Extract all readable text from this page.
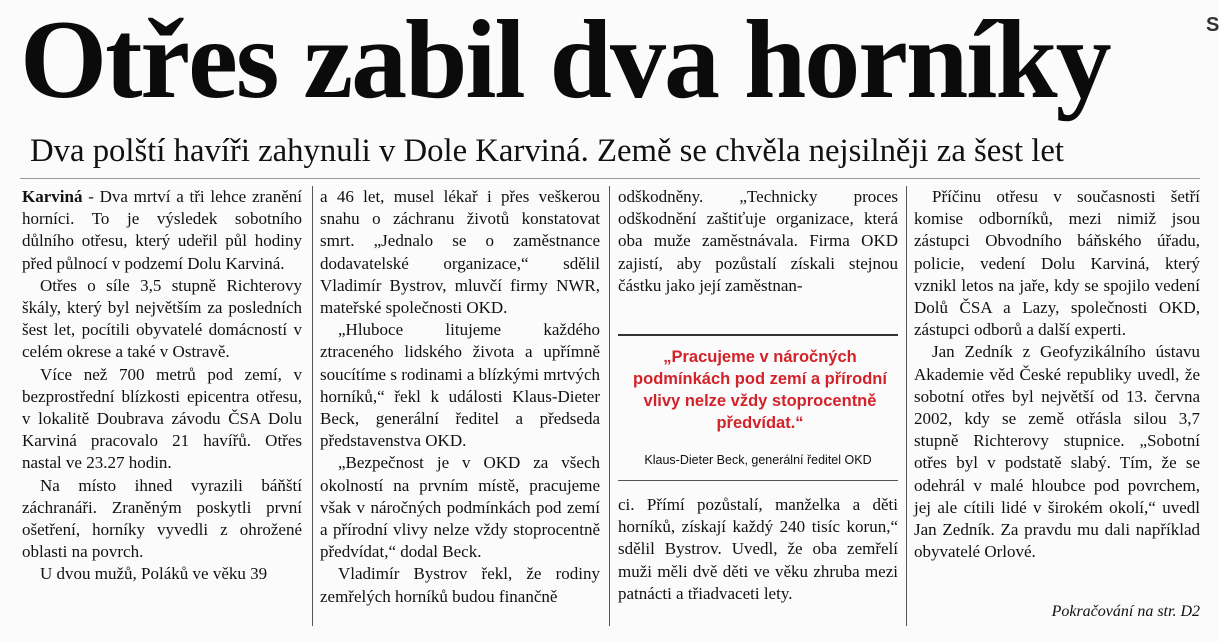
Otřes zabil dva horníky	S
Dva polští havíři zahynuli v Dole Karviná. Země se chvěla nejsilněji za šest let

Karviná - Dva mrtví a tři lehce zranění horníci. To je výsledek sobotního důlního otřesu, který udeřil půl hodiny před půlnocí v podzemí Dolu Karviná.

Otřes o síle 3,5 stupně Richterovy škály, který byl největším za posledních šest let, pocítili obyvatelé domácností v celém okrese a také v Ostravě.

Více než 700 metrů pod zemí, v bezprostřední blízkosti epicentra otřesu, v lokalitě Doubrava závodu ČSA Dolu Karviná pracovalo 21 havířů. Otřes nastal ve 23.27 hodin.

Na místo ihned vyrazili báňští záchranáři. Zraněným poskytli první ošetření, horníky vyvedli z ohrožené oblasti na povrch.

U dvou mužů, Poláků ve věku 39

a 46 let, musel lékař i přes veškerou snahu o záchranu životů konstatovat smrt. „Jednalo se o zaměstnance dodavatelské organizace,“ sdělil Vladimír Bystrov, mluvčí firmy NWR, mateřské společnosti OKD.

„Hluboce litujeme každého ztraceného lidského života a upřímně soucítíme s rodinami a blízkými mrtvých horníků,“ řekl k události Klaus-Dieter Beck, generální ředitel a předseda představenstva OKD.

„Bezpečnost je v OKD za všech okolností na prvním místě, pracujeme však v náročných podmínkách pod zemí a přírodní vlivy nelze vždy stoprocentně předvídat,“ dodal Beck.

Vladimír Bystrov řekl, že rodiny zemřelých horníků budou finančně

odškodněny. „Technicky proces odškodnění zaštiťuje organizace, která oba muže zaměstnávala. Firma OKD zajistí, aby pozůstalí získali stejnou částku jako její zaměstnan-

„Pracujeme v náročných podmínkách pod zemí a přírodní vlivy nelze vždy stoprocentně předvídat.“
Klaus-Dieter Beck, generální ředitel OKD

ci. Přímí pozůstalí, manželka a děti horníků, získají každý 240 tisíc korun,“ sdělil Bystrov. Uvedl, že oba zemřelí muži měli dvě děti ve věku zhruba mezi patnácti a třiadvaceti lety.

Příčinu otřesu v současnosti šetří komise odborníků, mezi nimiž jsou zástupci Obvodního báňského úřadu, policie, vedení Dolu Karviná, který vznikl letos na jaře, kdy se spojilo vedení Dolů ČSA a Lazy, společnosti OKD, zástupci odborů a další experti.

Jan Zedník z Geofyzikálního ústavu Akademie věd České republiky uvedl, že sobotní otřes byl největší od 13. června 2002, kdy se země otřásla silou 3,7 stupně Richterovy stupnice. „Sobotní otřes byl v podstatě slabý. Tím, že se odehrál v malé hloubce pod povrchem, jej ale cítili lidé v širokém okolí,“ uvedl Jan Zedník. Za pravdu mu dali například obyvatelé Orlové.

Pokračování na str. D2
